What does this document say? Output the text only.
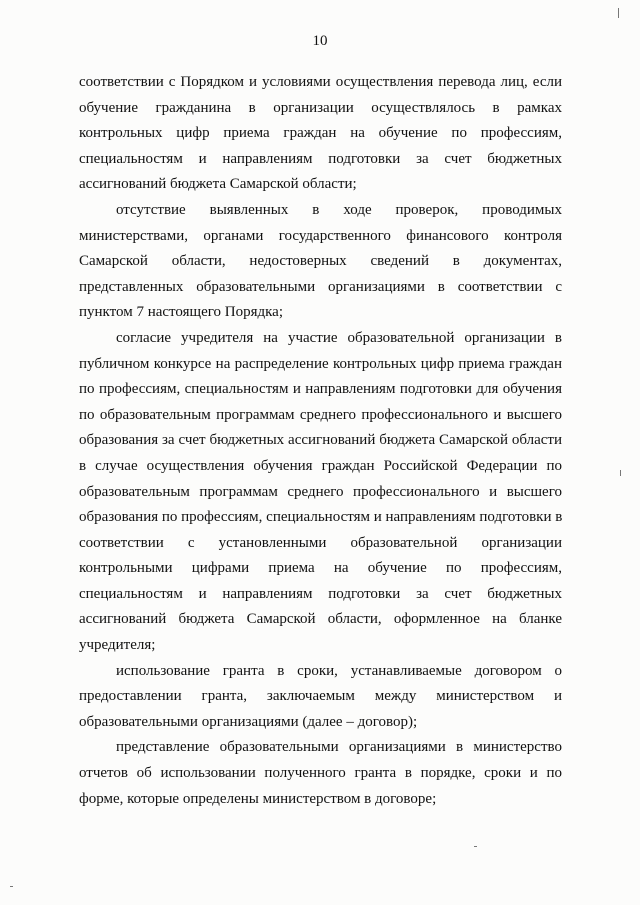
10
соответствии с Порядком и условиями осуществления перевода лиц, если
обучение гражданина в организации осуществлялось в рамках
контрольных цифр приема граждан на обучение по профессиям,
специальностям и направлениям подготовки за счет бюджетных
ассигнований бюджета Самарской области;
отсутствие выявленных в ходе проверок, проводимых
министерствами, органами государственного финансового контроля
Самарской области, недостоверных сведений в документах,
представленных образовательными организациями в соответствии с
пунктом 7 настоящего Порядка;
согласие учредителя на участие образовательной организации в
публичном конкурсе на распределение контрольных цифр приема граждан
по профессиям, специальностям и направлениям подготовки для обучения
по образовательным программам среднего профессионального и высшего
образования за счет бюджетных ассигнований бюджета Самарской области
в случае осуществления обучения граждан Российской Федерации по
образовательным программам среднего профессионального и высшего
образования по профессиям, специальностям и направлениям подготовки в
соответствии с установленными образовательной организации
контрольными цифрами приема на обучение по профессиям,
специальностям и направлениям подготовки за счет бюджетных
ассигнований бюджета Самарской области, оформленное на бланке
учредителя;
использование гранта в сроки, устанавливаемые договором о
предоставлении гранта, заключаемым между министерством и
образовательными организациями (далее – договор);
представление образовательными организациями в министерство
отчетов об использовании полученного гранта в порядке, сроки и по
форме, которые определены министерством в договоре;
